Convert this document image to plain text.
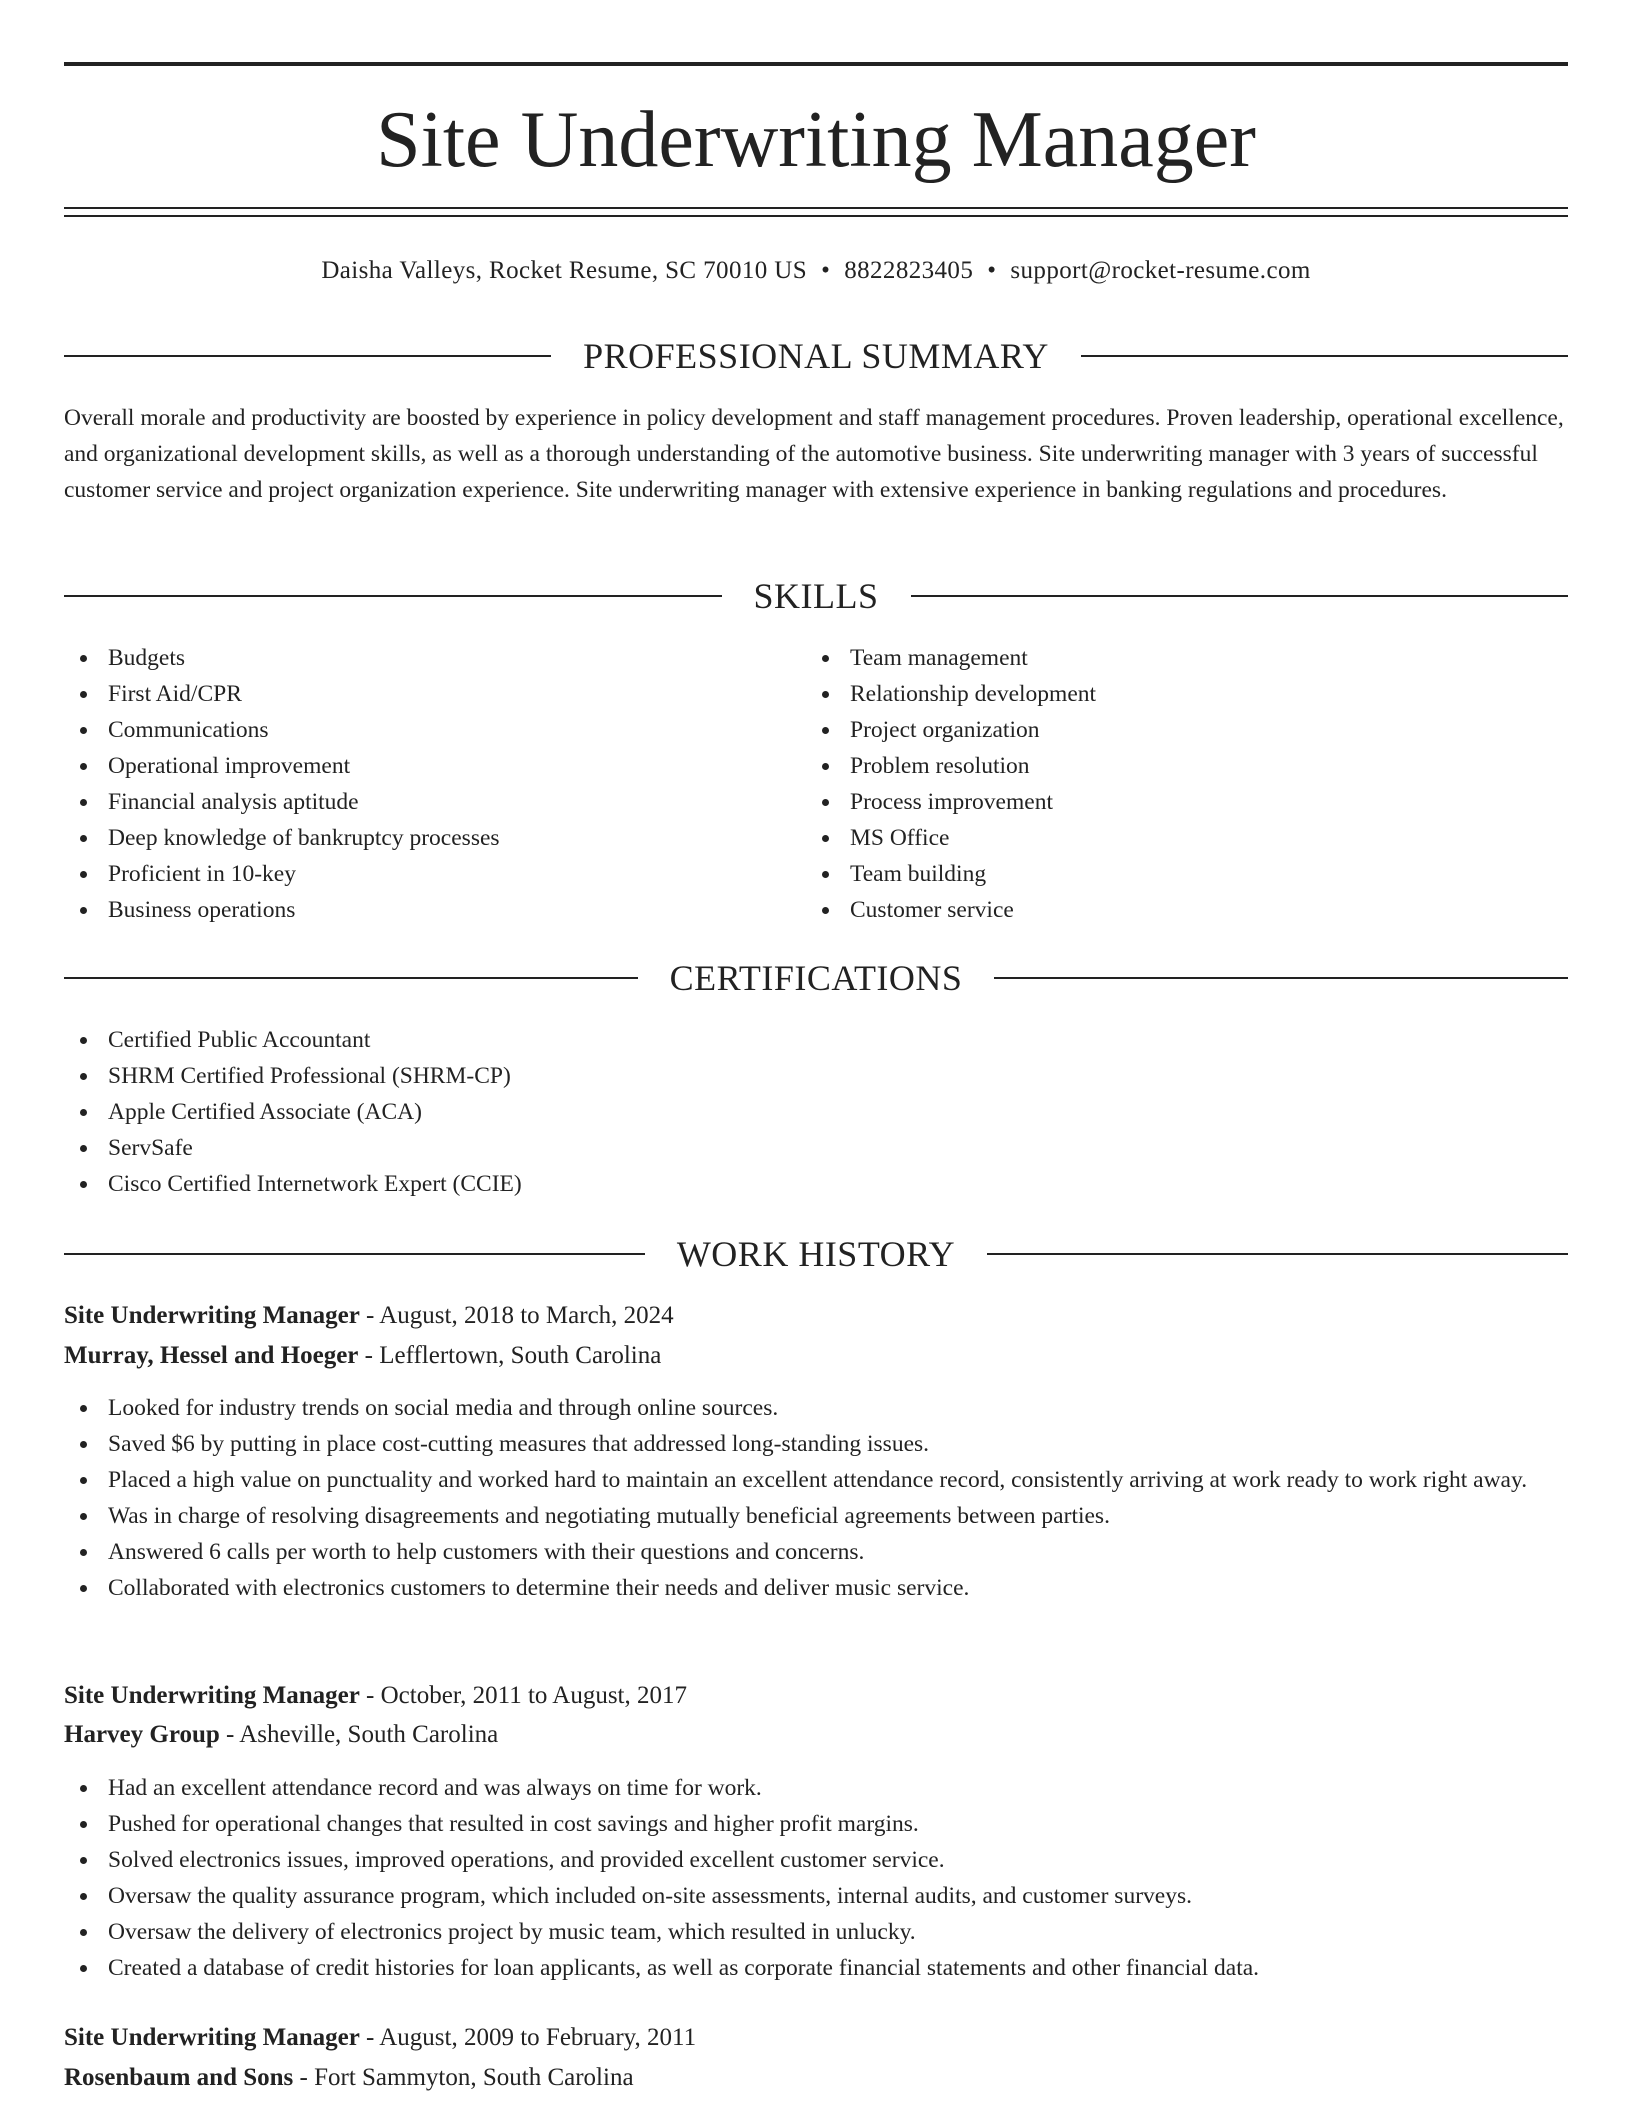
Site Underwriting Manager
Daisha Valleys, Rocket Resume, SC 70010 US • 8822823405 • support@rocket-resume.com
PROFESSIONAL SUMMARY

Overall morale and productivity are boosted by experience in policy development and staff management procedures. Proven leadership, operational excellence, and organizational development skills, as well as a thorough understanding of the automotive business. Site underwriting manager with 3 years of successful customer service and project organization experience. Site underwriting manager with extensive experience in banking regulations and procedures.

SKILLS
Budgets
First Aid/CPR
Communications
Operational improvement
Financial analysis aptitude
Deep knowledge of bankruptcy processes
Proficient in 10-key
Business operations
Team management
Relationship development
Project organization
Problem resolution
Process improvement
MS Office
Team building
Customer service
CERTIFICATIONS
Certified Public Accountant
SHRM Certified Professional (SHRM-CP)
Apple Certified Associate (ACA)
ServSafe
Cisco Certified Internetwork Expert (CCIE)
WORK HISTORY
Site Underwriting Manager - August, 2018 to March, 2024
Murray, Hessel and Hoeger - Lefflertown, South Carolina
Looked for industry trends on social media and through online sources.
Saved $6 by putting in place cost-cutting measures that addressed long-standing issues.
Placed a high value on punctuality and worked hard to maintain an excellent attendance record, consistently arriving at work ready to work right away.
Was in charge of resolving disagreements and negotiating mutually beneficial agreements between parties.
Answered 6 calls per worth to help customers with their questions and concerns.
Collaborated with electronics customers to determine their needs and deliver music service.
Site Underwriting Manager - October, 2011 to August, 2017
Harvey Group - Asheville, South Carolina
Had an excellent attendance record and was always on time for work.
Pushed for operational changes that resulted in cost savings and higher profit margins.
Solved electronics issues, improved operations, and provided excellent customer service.
Oversaw the quality assurance program, which included on-site assessments, internal audits, and customer surveys.
Oversaw the delivery of electronics project by music team, which resulted in unlucky.
Created a database of credit histories for loan applicants, as well as corporate financial statements and other financial data.
Site Underwriting Manager - August, 2009 to February, 2011
Rosenbaum and Sons - Fort Sammyton, South Carolina
